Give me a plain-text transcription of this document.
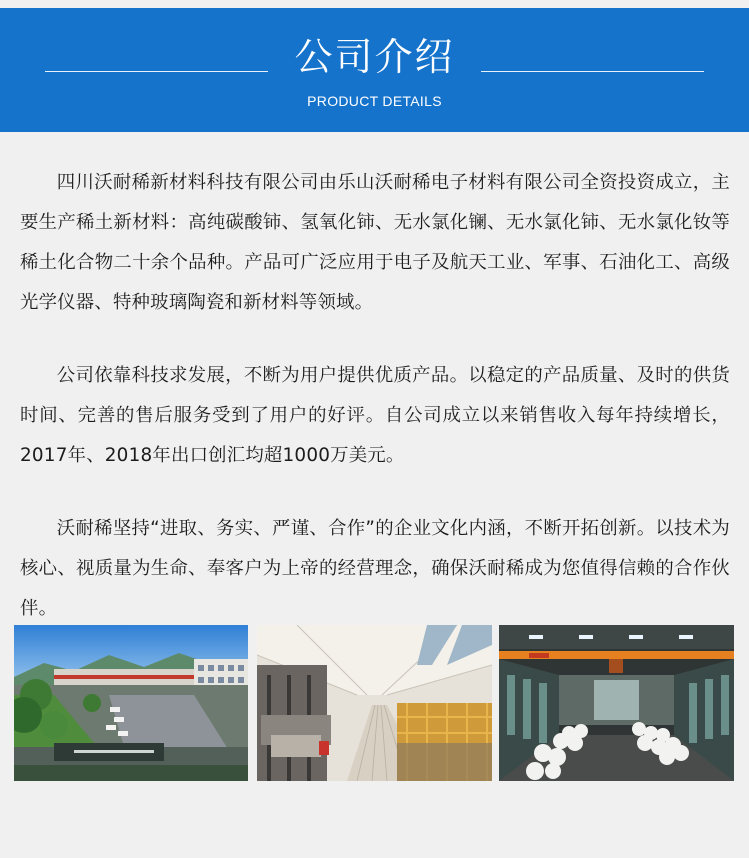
公司介绍
PRODUCT DETAILS

四川沃耐稀新材料科技有限公司由乐山沃耐稀电子材料有限公司全资投资成立，主要生产稀土新材料：高纯碳酸铈、氢氧化铈、无水氯化镧、无水氯化铈、无水氯化钕等稀土化合物二十余个品种。产品可广泛应用于电子及航天工业、军事、石油化工、高级光学仪器、特种玻璃陶瓷和新材料等领域。

公司依靠科技求发展，不断为用户提供优质产品。以稳定的产品质量、及时的供货时间、完善的售后服务受到了用户的好评。自公司成立以来销售收入每年持续增长，2017年、2018年出口创汇均超1000万美元。

沃耐稀坚持“进取、务实、严谨、合作”的企业文化内涵，不断开拓创新。以技术为核心、视质量为生命、奉客户为上帝的经营理念，确保沃耐稀成为您值得信赖的合作伙伴。
